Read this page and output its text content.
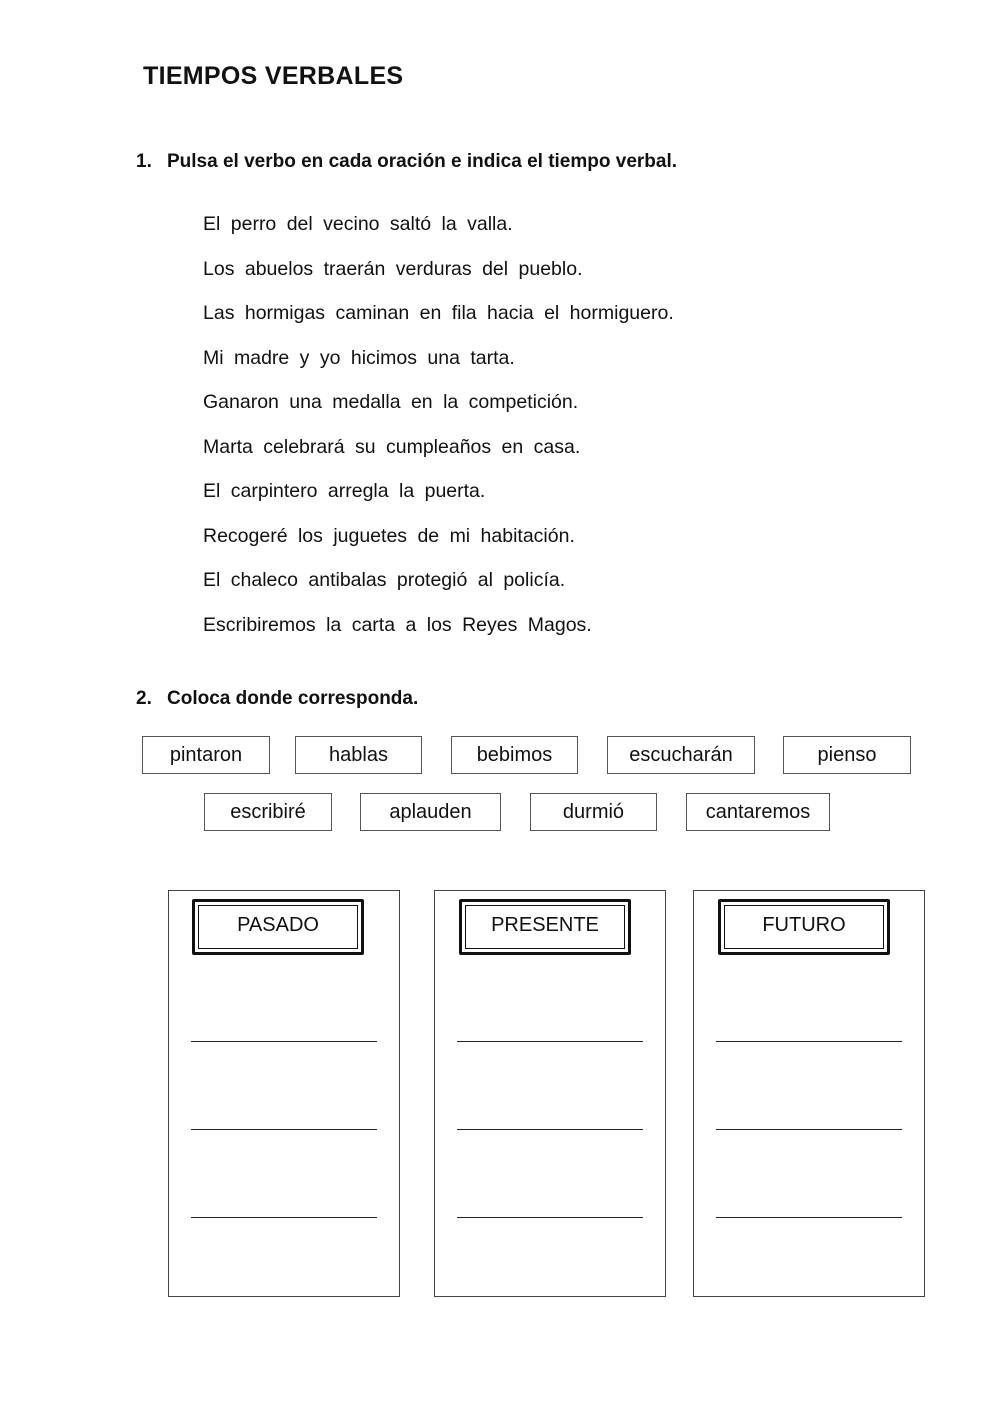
TIEMPOS VERBALES
1. Pulsa el verbo en cada oración e indica el tiempo verbal.
El perro del vecino saltó la valla.
Los abuelos traerán verduras del pueblo.
Las hormigas caminan en fila hacia el hormiguero.
Mi madre y yo hicimos una tarta.
Ganaron una medalla en la competición.
Marta celebrará su cumpleaños en casa.
El carpintero arregla la puerta.
Recogeré los juguetes de mi habitación.
El chaleco antibalas protegió al policía.
Escribiremos la carta a los Reyes Magos.
2. Coloca donde corresponda.
pintaron	hablas	bebimos	escucharán	pienso
escribiré	aplauden	durmió	cantaremos
PASADO	PRESENTE	FUTURO
